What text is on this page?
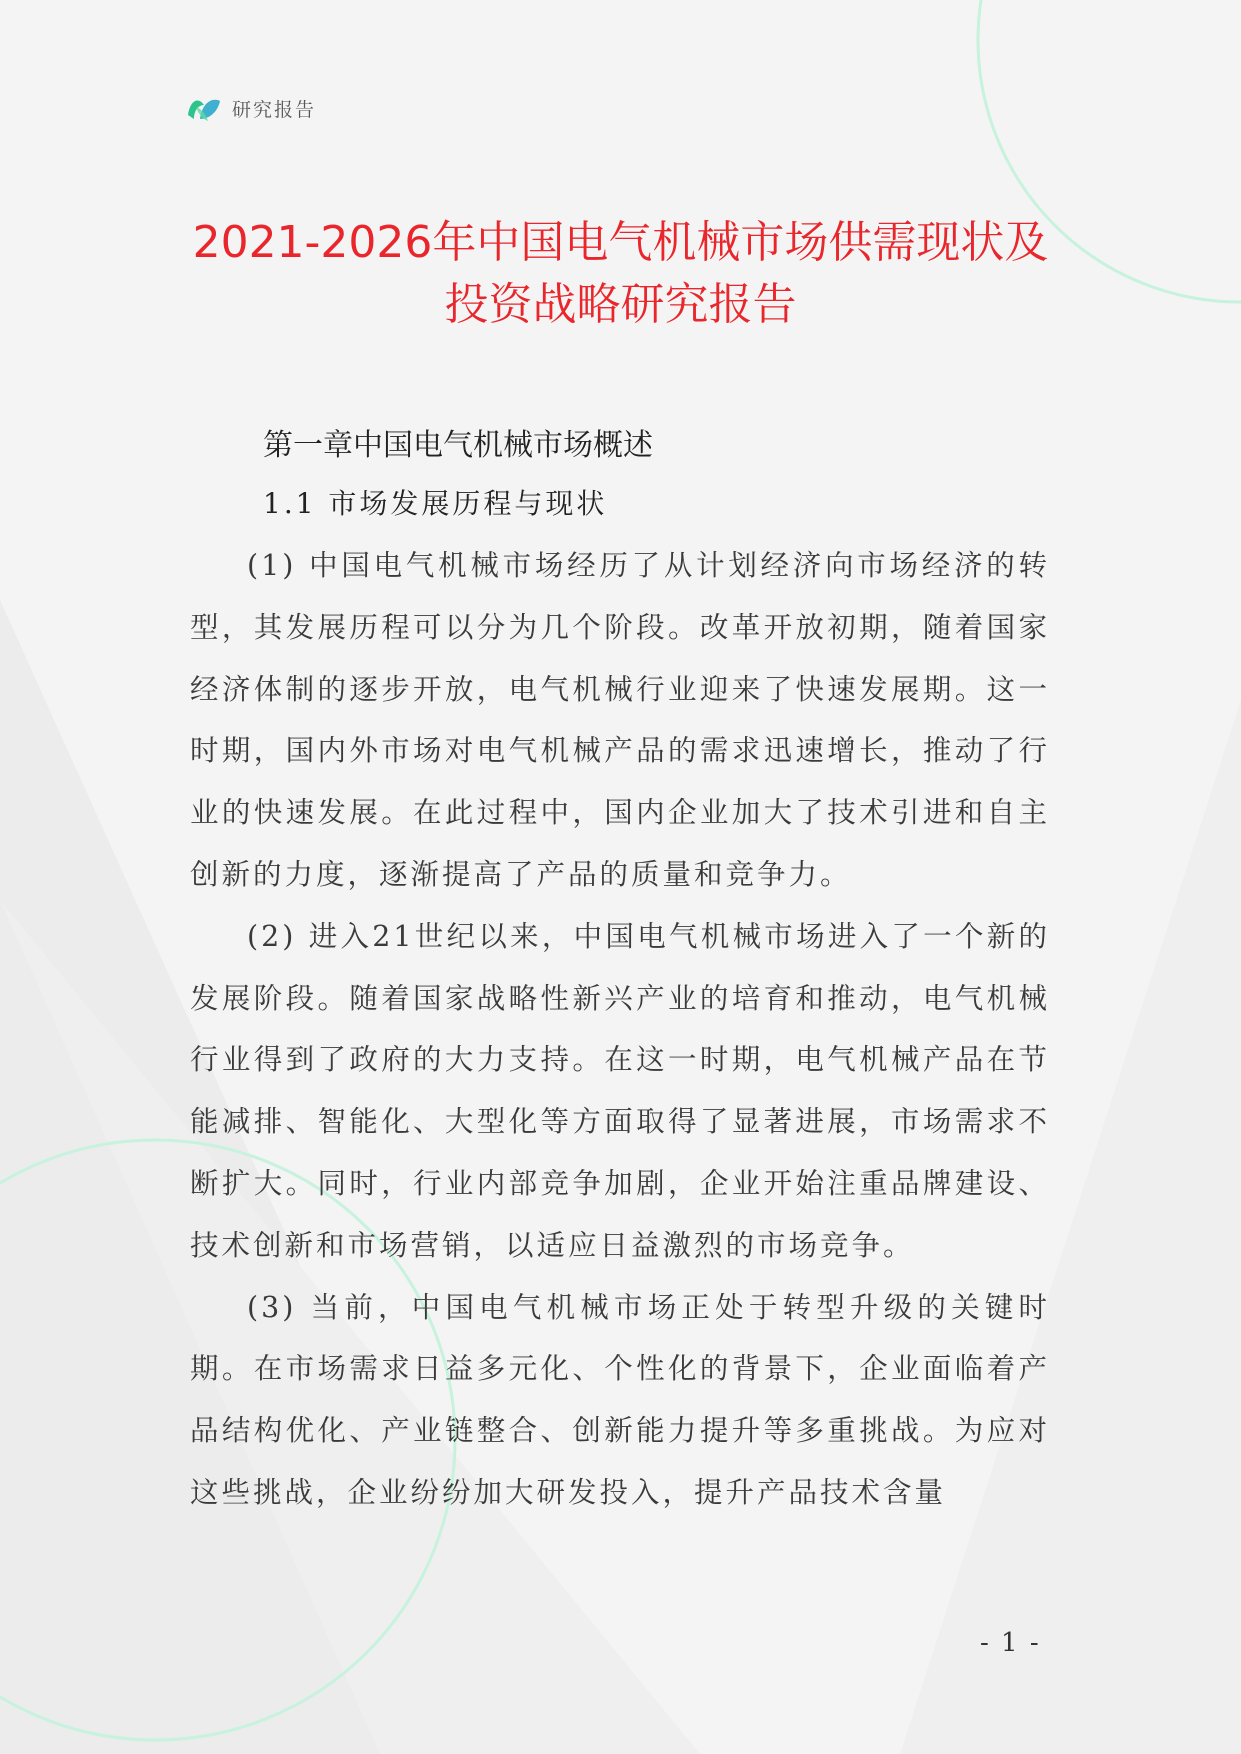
研究报告
2021-2026年中国电气机械市场供需现状及
投资战略研究报告
第一章中国电气机械市场概述
1.1 市场发展历程与现状

(1) 中国电气机械市场经历了从计划经济向市场经济的转型，其发展历程可以分为几个阶段。改革开放初期，随着国家经济体制的逐步开放，电气机械行业迎来了快速发展期。这一时期，国内外市场对电气机械产品的需求迅速增长，推动了行业的快速发展。在此过程中，国内企业加大了技术引进和自主创新的力度，逐渐提高了产品的质量和竞争力。

(2) 进入21世纪以来，中国电气机械市场进入了一个新的发展阶段。随着国家战略性新兴产业的培育和推动，电气机械行业得到了政府的大力支持。在这一时期，电气机械产品在节能减排、智能化、大型化等方面取得了显著进展，市场需求不断扩大。同时，行业内部竞争加剧，企业开始注重品牌建设、技术创新和市场营销，以适应日益激烈的市场竞争。

(3) 当前，中国电气机械市场正处于转型升级的关键时期。在市场需求日益多元化、个性化的背景下，企业面临着产品结构优化、产业链整合、创新能力提升等多重挑战。为应对这些挑战，企业纷纷加大研发投入，提升产品技术含量

- 1 -
